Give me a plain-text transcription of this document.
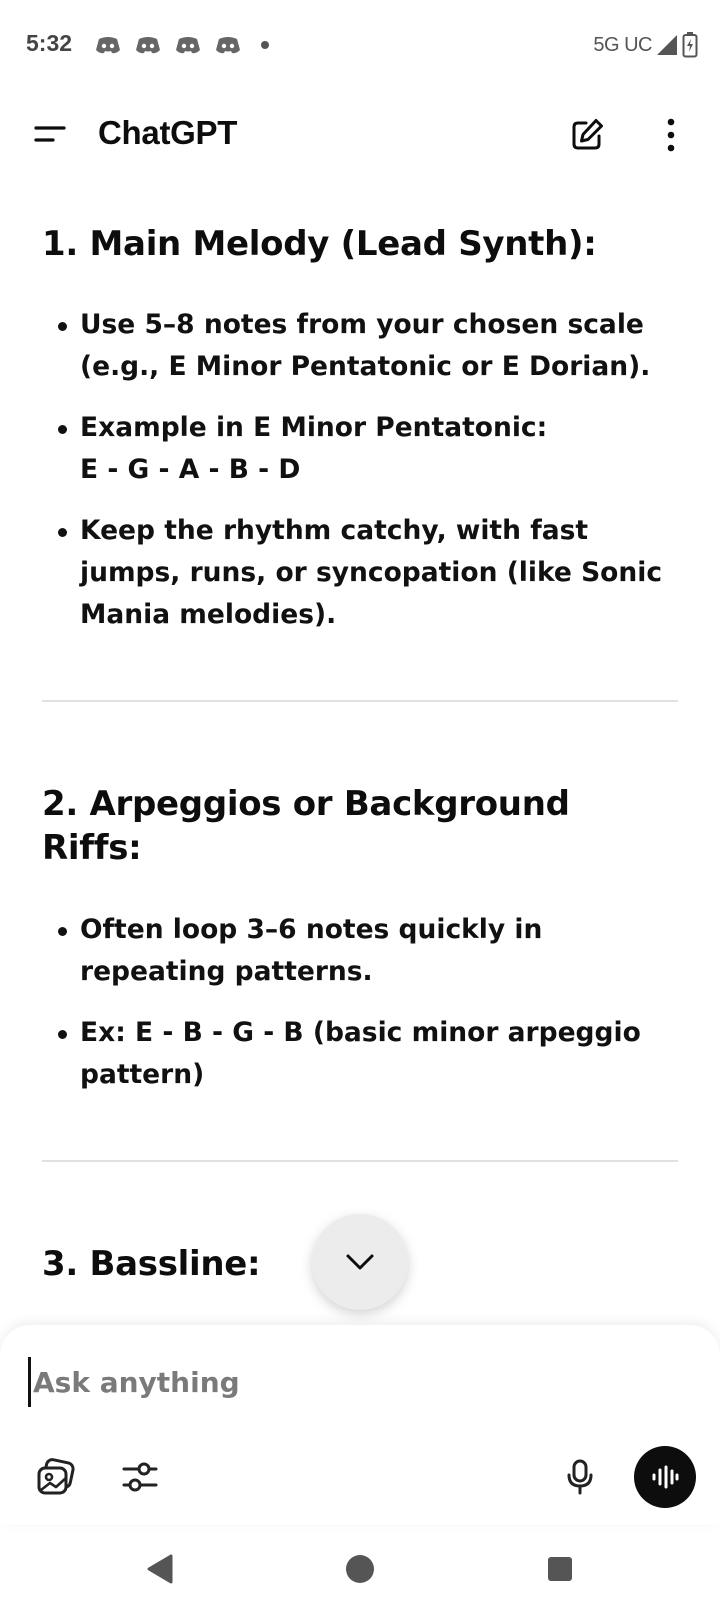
5:32	5G UC
ChatGPT
1. Main Melody (Lead Synth):
Use 5–8 notes from your chosen scale
(e.g., E Minor Pentatonic or E Dorian).
Example in E Minor Pentatonic:
E - G - A - B - D
Keep the rhythm catchy, with fast
jumps, runs, or syncopation (like Sonic
Mania melodies).
2. Arpeggios or Background Riffs:
Often loop 3–6 notes quickly in
repeating patterns.
Ex: E - B - G - B (basic minor arpeggio
pattern)
3. Bassline:
Ask anything
